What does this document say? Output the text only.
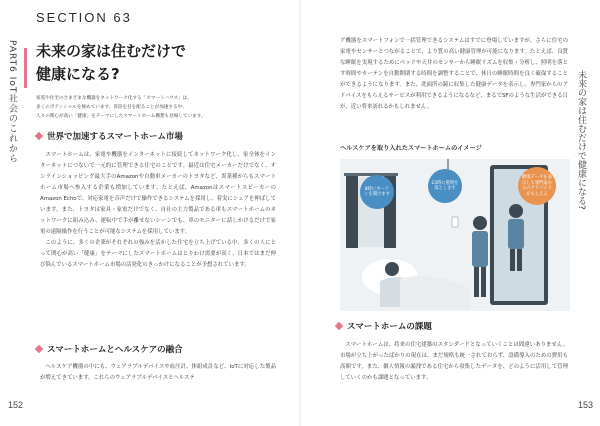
SECTION 63
PART6 IoT社会のこれから 未来の家は住むだけで
健康になる?
家電や住宅のさまざまな機器をネットワーク化する「スマートハウス」は、
多くのポテンシャルを秘めています。普段を目を配ることが加速する中、
人々の関心が高い「健康」をテーマにしたスマートホーム構想も登場しています。
世界で加速するスマートホーム市場

スマートホームは、家電や機器をインターネットに接続してネットワーク化し、家全体をインターネットにつないで一元的に管理できる住宅のことです。最近は住宅メーカーだけでなく、オンラインショッピング最大手のAmazonや自動車メーカーのトヨタなど、異業種からもスマートホーム市場へ参入する企業も増加しています。たとえば、AmazonはスマートスピーカーのAmazon Echoで、対応家電を音声だけで操作できるシステムを採用し、着実にシェアを伸ばしています。また、トヨタは家具・家電だけでなく、自社の主力製品である車もスマートホームのネットワークに組み込み、運転中で手が離せないシーンでも、車のモニターに話しかけるだけで家電の遠隔操作を行うことが可能なシステムを採用しています。

このように、多くの企業がそれぞれの強みを活かした住宅を立ち上げている中、多くの人にとって関心が高い「健康」をテーマにしたスマートホームはとりわけ需要が高く、日本ではまだ伸び悩んでいるスマートホーム市場の活発化のきっかけになることが予想されています。

スマートホームとヘルスケアの融合

ヘルスケア機器の中にも、ウェアラブルデバイスや血圧計、体組成計など、IoTに対応した製品が増えてきています。これらのウェアラブルデバイスとヘルステ

152
未来の家は住むだけで健康になる?

ア機器をスマートフォンで一括管理できるシステムはすでに登場していますが、さらに住宅の家電やセンサーとつながることで、より質の高い健康管理が可能になります。たとえば、良質な睡眠を実現するためにベッドや天井のセンサーから睡眠リズムを収集・分析し、照明を落とす時間やカーテンを自動開閉する時間を調整することで、休日の睡眠時間を良く確保することができるようになります。また、洗面所の鏡に収集した健康データを表示し、専門家からのアドバイスをもらえるサービスが利用できるようになるなど、まるでSFのような生活ができる日が、近い将来訪れるかもしれません。

スマートホームの課題

スマートホームは、将来の住宅建築のスタンダードとなっていくことは間違いありません。市場が立ち上がったばかりの現在は、まだ規格も統一されておらず、設備導入のための費用も高額です。また、個人情報の漏洩である住宅から収集したデータを、どのように活用して管理していくのかも課題となっています。

153
ヘルスケアを取り入れたスマートホームのイメージ
8時にカーテンを開けます
23時に照明を落とします
健康データを表示して専門家からのアドバイスがもらえる
